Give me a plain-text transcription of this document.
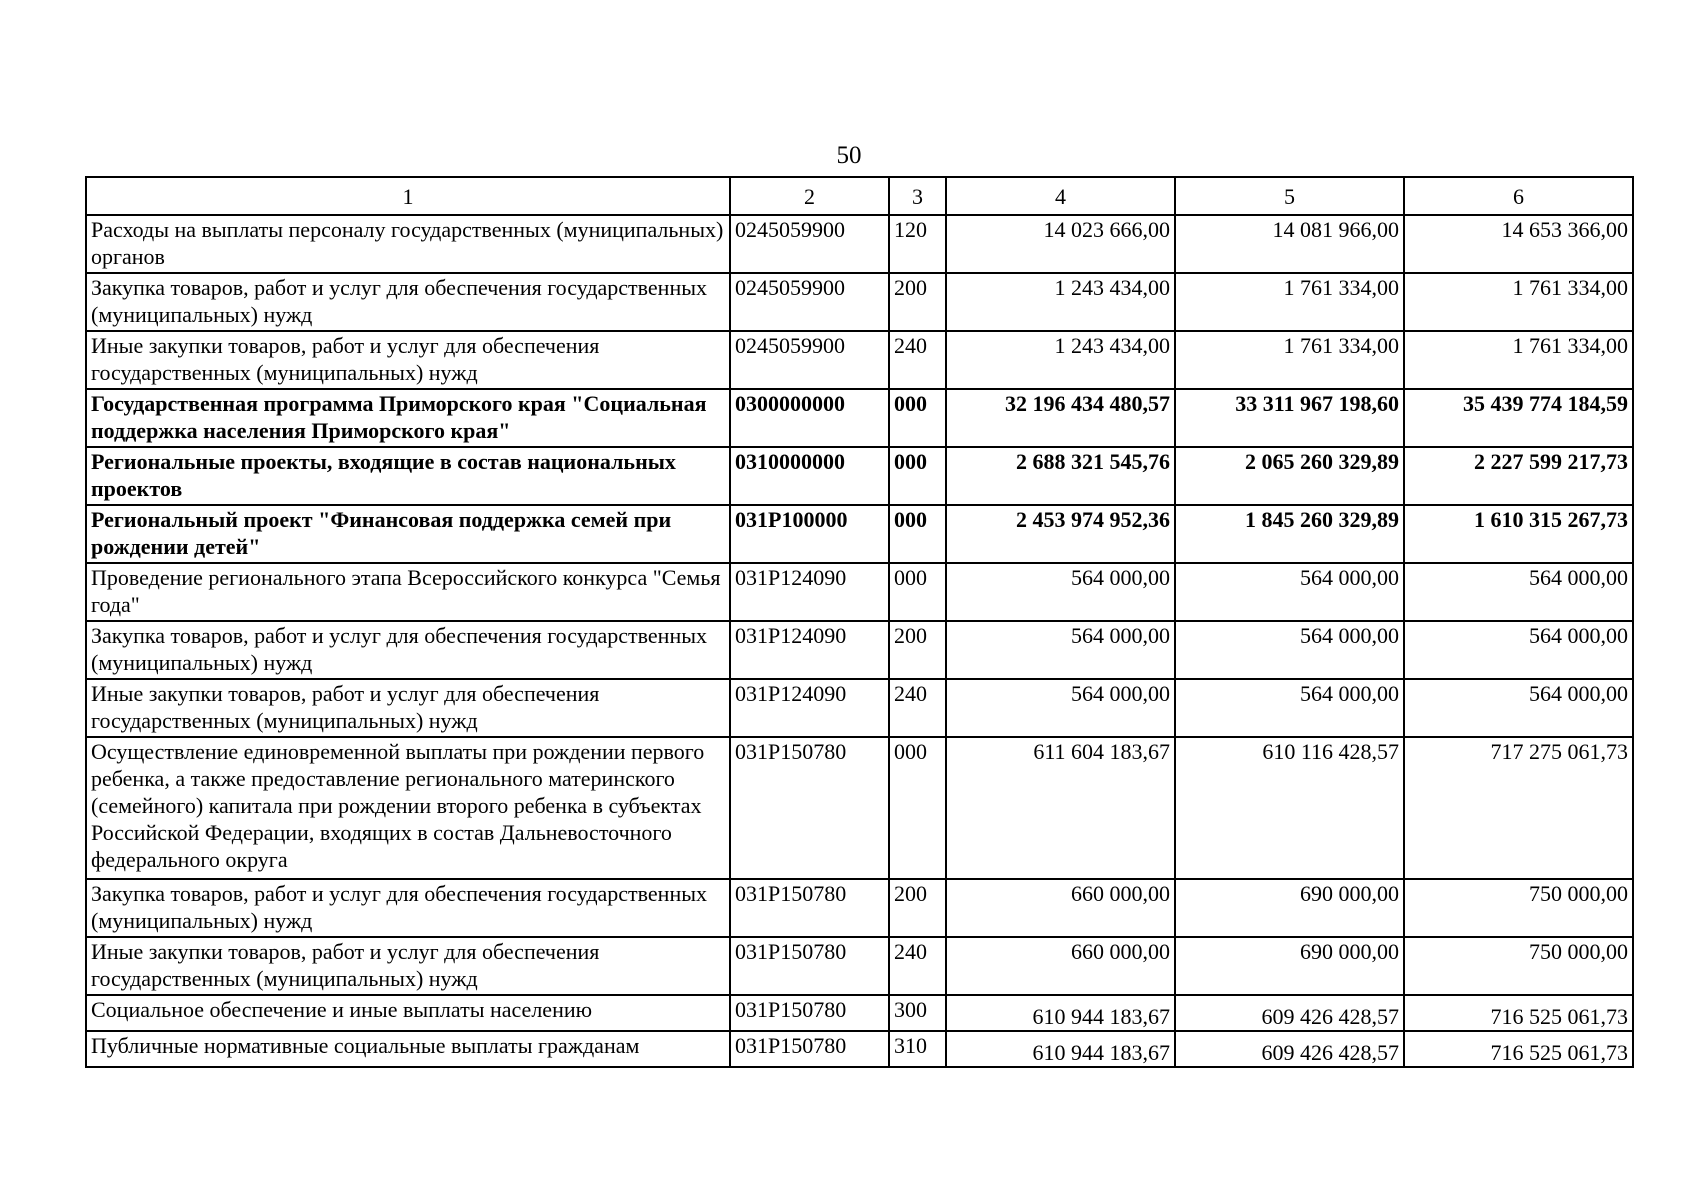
50
1	2	3	4	5	6
Расходы на выплаты персоналу государственных (муниципальных) органов	0245059900	120	14 023 666,00	14 081 966,00	14 653 366,00
Закупка товаров, работ и услуг для обеспечения государственных (муниципальных) нужд	0245059900	200	1 243 434,00	1 761 334,00	1 761 334,00
Иные закупки товаров, работ и услуг для обеспечения государственных (муниципальных) нужд	0245059900	240	1 243 434,00	1 761 334,00	1 761 334,00
Государственная программа Приморского края "Социальная поддержка населения Приморского края"	0300000000	000	32 196 434 480,57	33 311 967 198,60	35 439 774 184,59
Региональные проекты, входящие в состав национальных проектов	0310000000	000	2 688 321 545,76	2 065 260 329,89	2 227 599 217,73
Региональный проект "Финансовая поддержка семей при рождении детей"	031P100000	000	2 453 974 952,36	1 845 260 329,89	1 610 315 267,73
Проведение регионального этапа Всероссийского конкурса "Семья года"	031P124090	000	564 000,00	564 000,00	564 000,00
Закупка товаров, работ и услуг для обеспечения государственных (муниципальных) нужд	031P124090	200	564 000,00	564 000,00	564 000,00
Иные закупки товаров, работ и услуг для обеспечения государственных (муниципальных) нужд	031P124090	240	564 000,00	564 000,00	564 000,00
Осуществление единовременной выплаты при рождении первого ребенка, а также предоставление регионального материнского (семейного) капитала при рождении второго ребенка в субъектах Российской Федерации, входящих в состав Дальневосточного федерального округа	031P150780	000	611 604 183,67	610 116 428,57	717 275 061,73
Закупка товаров, работ и услуг для обеспечения государственных (муниципальных) нужд	031P150780	200	660 000,00	690 000,00	750 000,00
Иные закупки товаров, работ и услуг для обеспечения государственных (муниципальных) нужд	031P150780	240	660 000,00	690 000,00	750 000,00
Социальное обеспечение и иные выплаты населению	031P150780	300	610 944 183,67	609 426 428,57	716 525 061,73
Публичные нормативные социальные выплаты гражданам	031P150780	310	610 944 183,67	609 426 428,57	716 525 061,73
